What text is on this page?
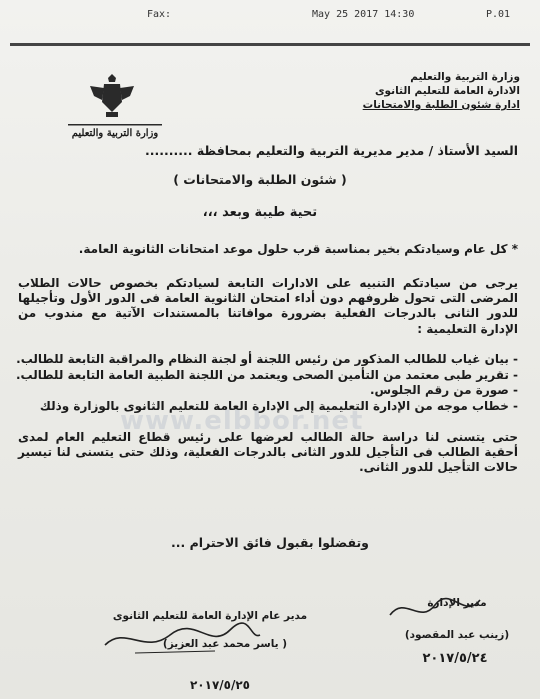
Fax:	May 25 2017 14:30	P.01
وزارة التربية والتعليم
الادارة العامة للتعليم الثانوى
ادارة شئون الطلبة والامتحانات
وزارة التربية والتعليم
السيد الأستاذ / مدير مديرية التربية والتعليم بمحافظة ..........
( شئون الطلبة والامتحانات )
تحية طيبة وبعد ،،،
* كل عام وسيادتكم بخير بمناسبة قرب حلول موعد امتحانات الثانوية العامة.

يرجى من سيادتكم التنبيه على الادارات التابعة لسيادتكم بخصوص حالات الطلاب المرضى التى تحول ظروفهم دون أداء امتحان الثانوية العامة فى الدور الأول وتأجيلها للدور الثانى بالدرجات الفعلية بضرورة موافاتنا بالمستندات الآتية مع مندوب من الإدارة التعليمية :

- بيان غياب للطالب المذكور من رئيس اللجنة أو لجنة النظام والمراقبة التابعة للطالب.
- تقرير طبى معتمد من التأمين الصحى ويعتمد من اللجنة الطبية العامة التابعة للطالب.
- صورة من رقم الجلوس.
- خطاب موجه من الإدارة التعليمية إلى الإدارة العامة للتعليم الثانوى بالوزارة وذلك

حتى يتسنى لنا دراسة حالة الطالب لعرضها على رئيس قطاع التعليم العام لمدى أحقية الطالب فى التأجيل للدور الثانى بالدرجات الفعلية، وذلك حتى يتسنى لنا تيسير حالات التأجيل للدور الثانى.

www.elbbor.net
وتفضلوا بقبول فائق الاحترام ...
مدير الإدارة
(زينب عبد المقصود)
٢٠١٧/٥/٢٤
مدير عام الإدارة العامة للتعليم الثانوى
( ياسر محمد عبد العزيز)
٢٠١٧/٥/٢٥
